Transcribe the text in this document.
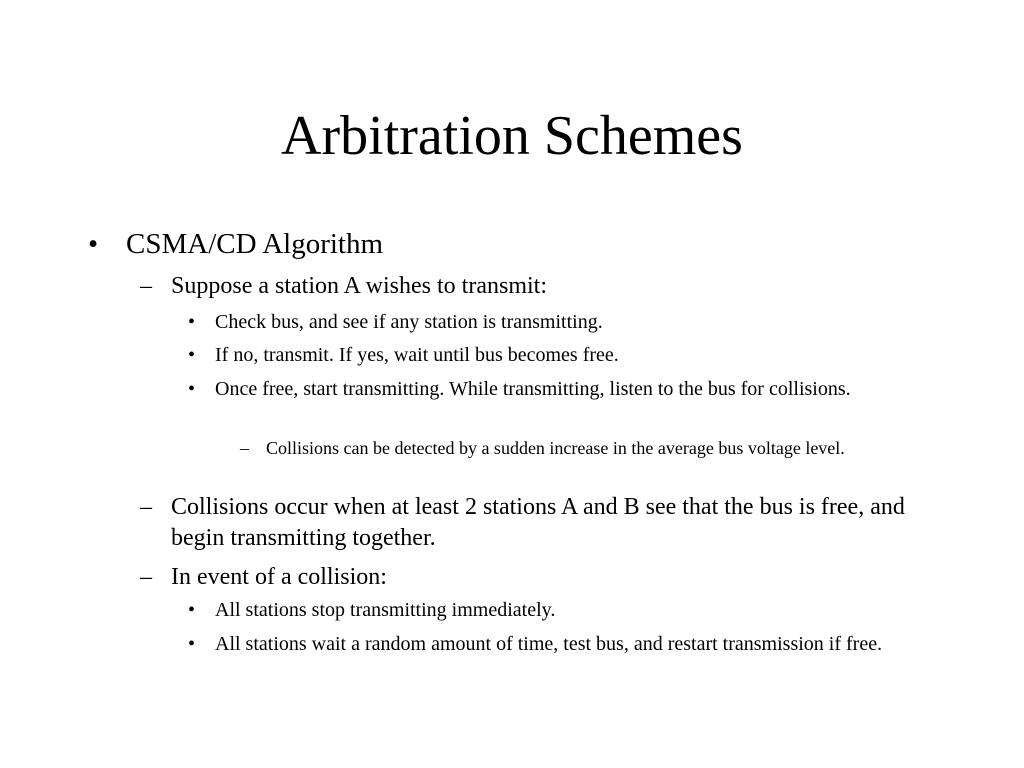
Arbitration Schemes
• CSMA/CD Algorithm
– Suppose a station A wishes to transmit:
• Check bus, and see if any station is transmitting.
• If no, transmit. If yes, wait until bus becomes free.
• Once free, start transmitting. While transmitting, listen to the bus for collisions.
– Collisions can be detected by a sudden increase in the average bus voltage level.
– Collisions occur when at least 2 stations A and B see that the bus is free, and begin transmitting together.
– In event of a collision:
• All stations stop transmitting immediately.
• All stations wait a random amount of time, test bus, and restart transmission if free.
